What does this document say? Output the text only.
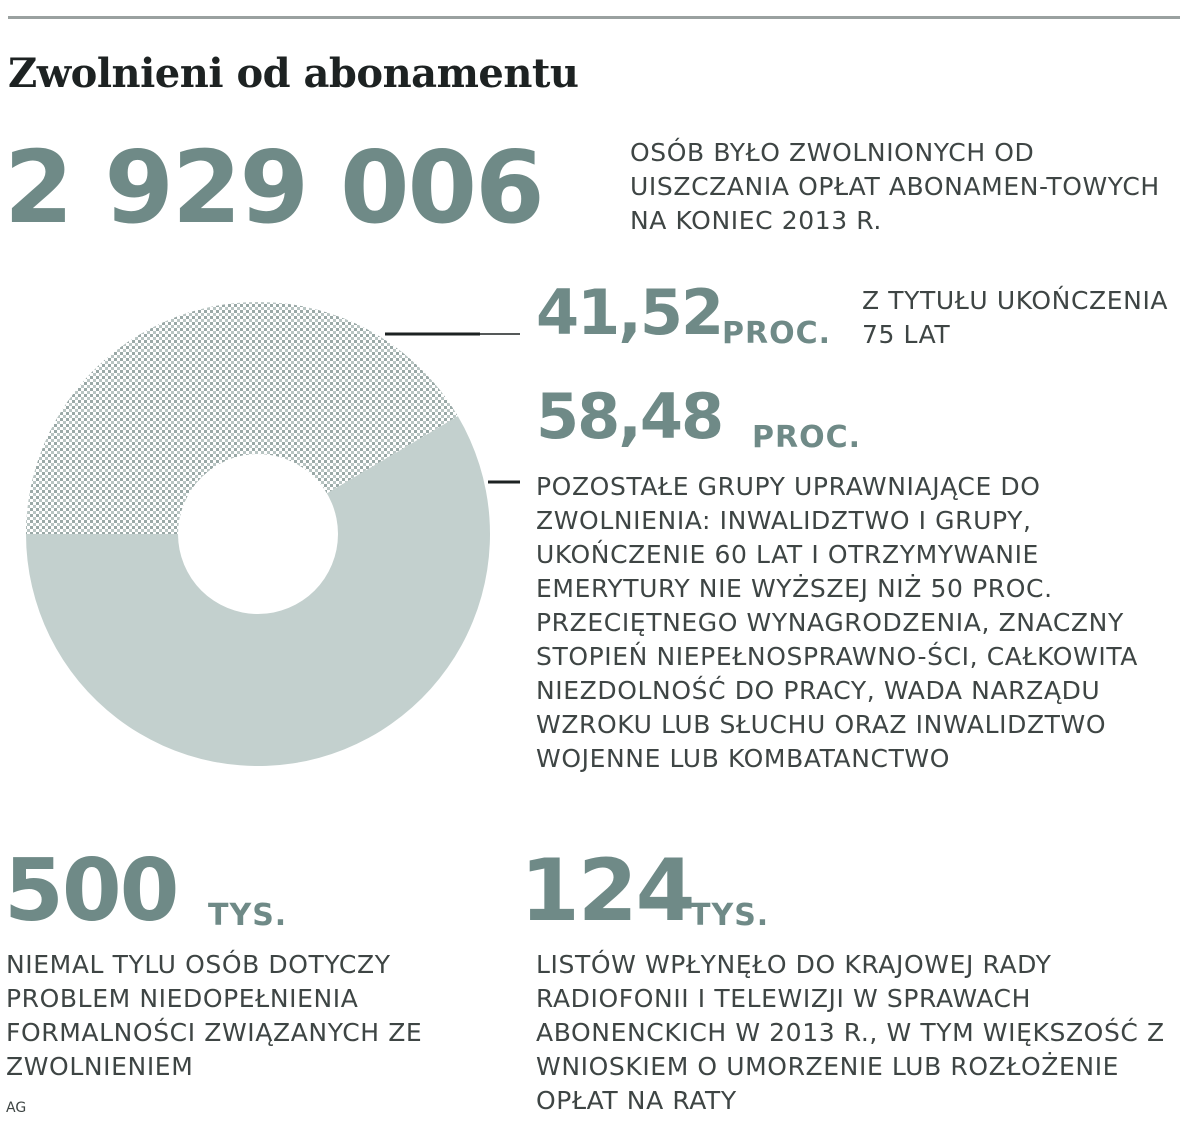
Zwolnieni od abonamentu
2 929 006	OSÓB BYŁO ZWOLNIONYCH OD UISZCZANIA OPŁAT ABONAMEN-TOWYCH NA KONIEC 2013 R.
41,52 PROC.
Z TYTUŁU UKOŃCZENIA 75 LAT
58,48 PROC.
POZOSTAŁE GRUPY UPRAWNIAJĄCE DO ZWOLNIENIA: INWALIDZTWO I GRUPY, UKOŃCZENIE 60 LAT I OTRZYMYWANIE EMERYTURY NIE WYŻSZEJ NIŻ 50 PROC. PRZECIĘTNEGO WYNAGRODZENIA, ZNACZNY STOPIEŃ NIEPEŁNOSPRAWNO-ŚCI, CAŁKOWITA NIEZDOLNOŚĆ DO PRACY, WADA NARZĄDU WZROKU LUB SŁUCHU ORAZ INWALIDZTWO WOJENNE LUB KOMBATANCTWO
500 TYS.
NIEMAL TYLU OSÓB DOTYCZY PROBLEM NIEDOPEŁNIENIA FORMALNOŚCI ZWIĄZANYCH ZE ZWOLNIENIEM
124
TYS.
LISTÓW WPŁYNĘŁO DO KRAJOWEJ RADY RADIOFONII I TELEWIZJI W SPRAWACH ABONENCKICH W 2013 R., W TYM WIĘKSZOŚĆ Z WNIOSKIEM O UMORZENIE LUB ROZŁOŻENIE OPŁAT NA RATY
AG
